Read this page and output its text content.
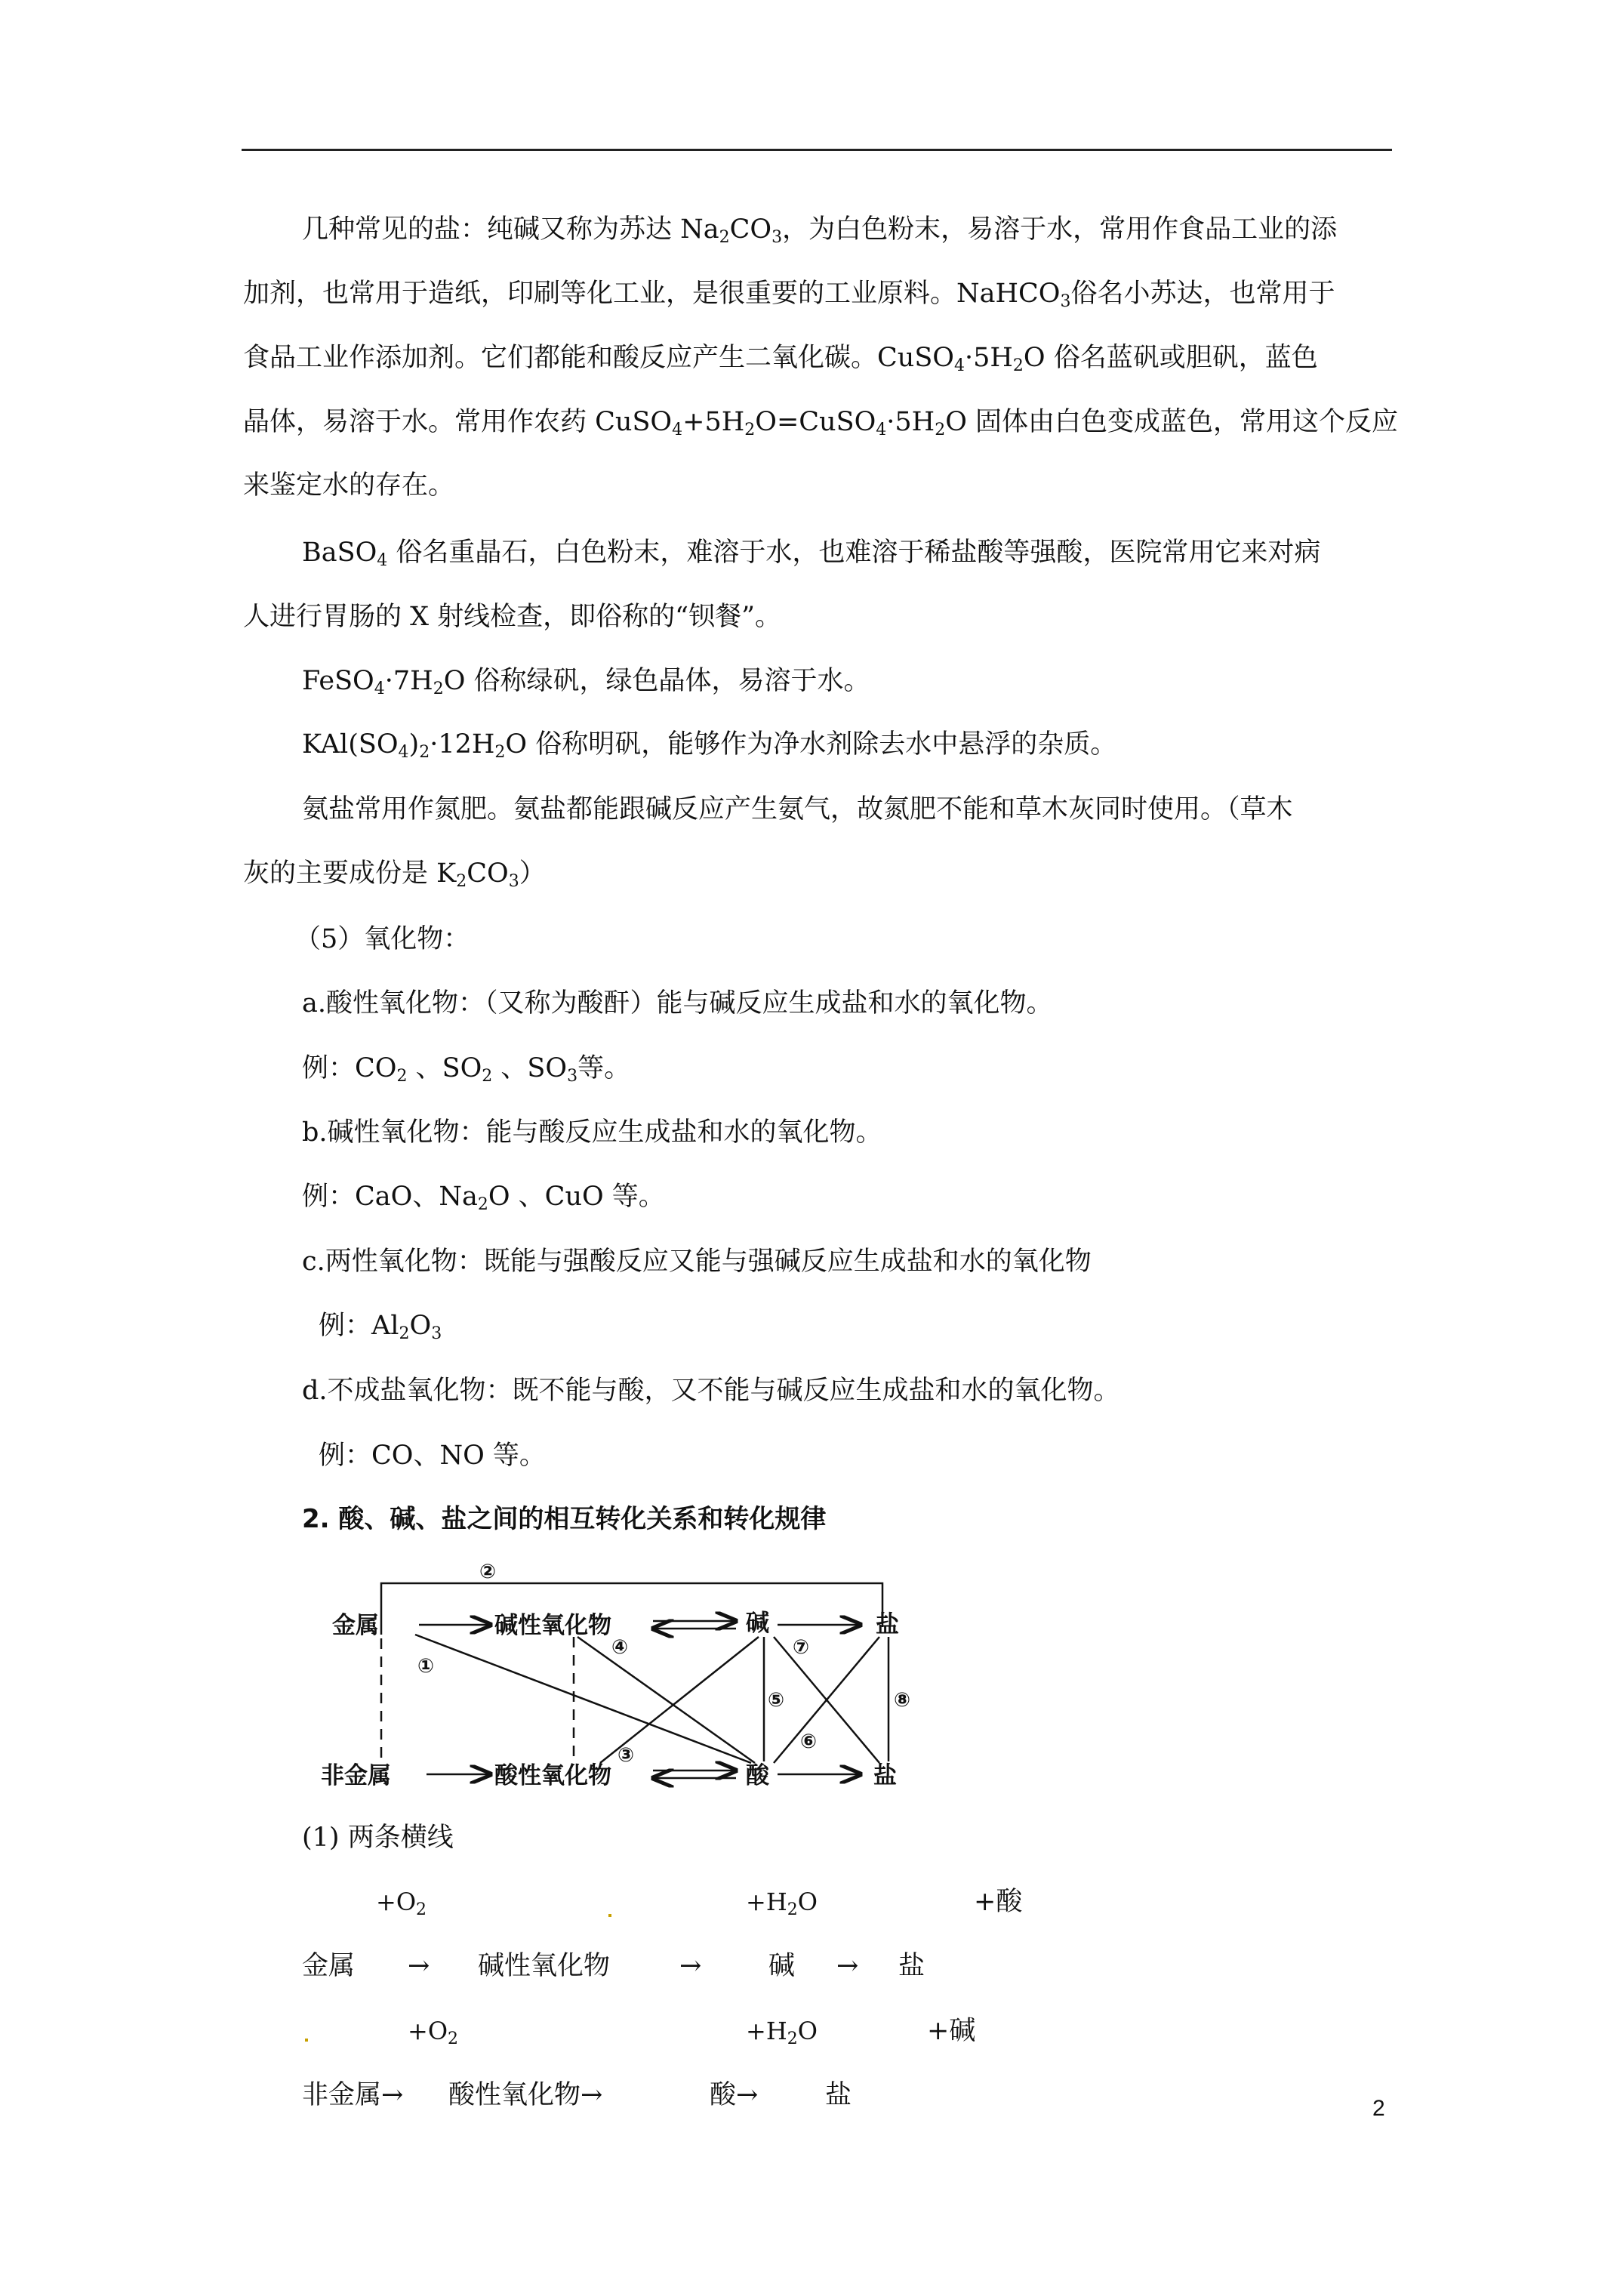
几种常见的盐：纯碱又称为苏达 $Na_2CO_3$，为白色粉末，易溶于水，常用作食品工业的添
加剂，也常用于造纸，印刷等化工业，是很重要的工业原料。NaHCO$_3$俗名小苏达，也常用于
食品工业作添加剂。它们都能和酸反应产生二氧化碳。$CuSO_4\cdot 5H_2O$ 俗名蓝矾或胆矾，蓝色
晶体，易溶于水。常用作农药 $CuSO_4+5H_2O=CuSO_4\cdot 5H_2O$ 固体由白色变成蓝色，常用这个反应
来鉴定水的存在。
BaSO$_4$ 俗名重晶石，白色粉末，难溶于水，也难溶于稀盐酸等强酸，医院常用它来对病
人进行胃肠的 X 射线检查，即俗称的“钡餐”。
$FeSO_4\cdot 7H_2O$ 俗称绿矾，绿色晶体，易溶于水。
$KAl(SO_4)_2\cdot 12H_2O$ 俗称明矾，能够作为净水剂除去水中悬浮的杂质。
氨盐常用作氮肥。氨盐都能跟碱反应产生氨气，故氮肥不能和草木灰同时使用。（草木
灰的主要成份是 $K_2CO_3$）
（5）氧化物：
a.酸性氧化物：（又称为酸酐）能与碱反应生成盐和水的氧化物。
例：$CO_2$ 、$SO_2$ 、$SO_3$等。
b.碱性氧化物：能与酸反应生成盐和水的氧化物。
例：CaO、$Na_2O$ 、CuO 等。
c.两性氧化物：既能与强酸反应又能与强碱反应生成盐和水的氧化物
例：$Al_2O_3$
d.不成盐氧化物：既不能与酸，又不能与碱反应生成盐和水的氧化物。
例：CO、NO 等。
2. 酸、碱、盐之间的相互转化关系和转化规律
金属	碱性氧化物	碱	盐
非金属	酸性氧化物	酸	盐
①
②
③
④
⑤
⑥
⑦
⑧
(1) 两条横线
$+O_2$	$+H_2O$	+酸
金属 → 碱性氧化物	→	碱 → 盐
$+O_2$	$+H_2O$	+碱
非金属→ 酸性氧化物→	酸→	盐	2
